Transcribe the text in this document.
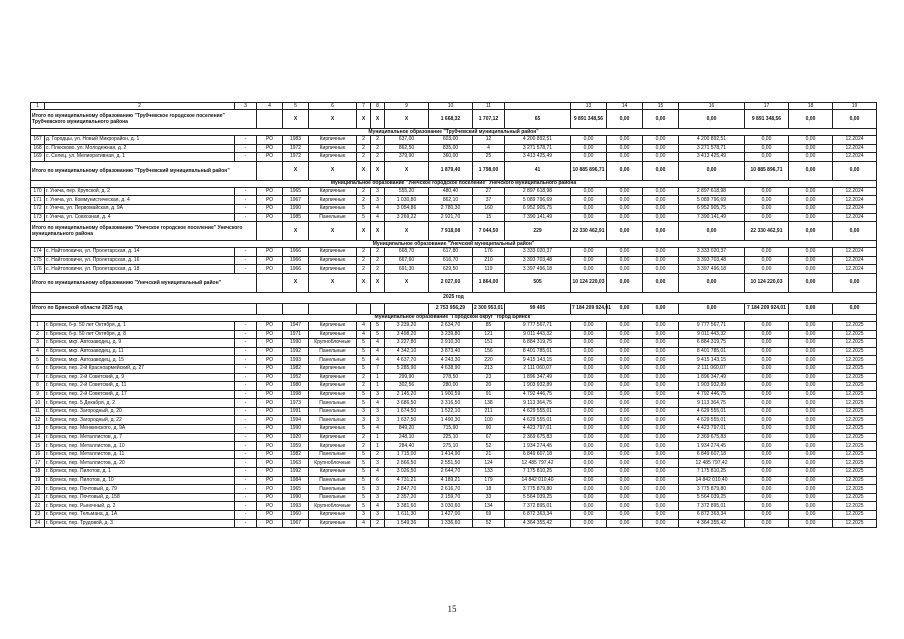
1	2	3	4	5	6	7	8	9	10	11		13	14	15	16	17	18	19	
Итого по муниципальному образованию "Трубчевское городское поселение" Трубчевского муниципального района				X	X	X	X	X	1 668,32	1 707,12	65	9 891 348,56	0,00	0,00	0,00	9 891 348,56	0,00	0,00	
Муниципальное образование "Трубчевский муниципальный район"																			
167	д. Городцы, ул. Новый Микрорайон, д. 1	-	РО	1983	Кирпичные	2	2	637,00	603,00	12	4 200 892,51	0,00	0,00	0,00	4 200 892,51	0,00	0,00	12.2024	
168	с. Плюсково, ул. Молодежная, д. 2	-	РО	1972	Кирпичные	2	2	862,50	835,00	4	3 271 578,71	0,00	0,00	0,00	3 271 578,71	0,00	0,00	12.2024	
169	с. Селец, ул. Мелиоративная, д. 1	-	РО	1972	Кирпичные	2	2	379,90	360,00	25	3 413 425,49	0,00	0,00	0,00	3 413 425,49	0,00	0,00	12.2024	
Итого по муниципальному образованию "Трубчевский муниципальный район"				X	X	X	X	X	1 879,40	1 798,00	41	10 885 896,71	0,00	0,00	0,00	10 885 896,71	0,00	0,00	
Муниципальное образование "Унечское городское поселение" Унечского муниципального района																			
170	г. Унеча, пер. Крупской, д. 2	-	РО	1965	Кирпичные	2	3	555,20	480,40	27	2 897 618,98	0,00	0,00	0,00	2 897 618,98	0,00	0,00	12.2024	
171	г. Унеча, ул. Коммунистическая, д. 4	-	РО	1967	Кирпичные	2	3	1 030,80	862,10	37	5 089 796,69	0,00	0,00	0,00	5 089 796,69	0,00	0,00	12.2024	
172	г. Унеча, ул. Первомайская, д. 9А	-	РО	1990	Кирпичные	5	4	3 054,86	2 780,30	160	6 952 905,75	0,00	0,00	0,00	6 952 905,75	0,00	0,00	12.2024	
173	г. Унеча, ул. Совхозная, д. 4	-	РО	1985	Панельные	5	4	3 269,22	2 921,70	15	7 390 141,49	0,00	0,00	0,00	7 390 141,49	0,00	0,00	12.2024	
Итого по муниципальному образованию "Унечское городское поселение" Унечского муниципального района				X	X	X	X	X	7 918,08	7 044,50	229	22 330 462,91	0,00	0,00	0,00	22 330 462,91	0,00	0,00	
Муниципальное образование "Унечский муниципальный район"																			
174	с. Найтоповичи, ул. Пролетарская, д. 14	-	РО	1966	Кирпичные	2	2	668,70	617,80	176	3 333 020,37	0,00	0,00	0,00	3 333 020,37	0,00	0,00	12.2024	
175	с. Найтоповичи, ул. Пролетарская, д. 16	-	РО	1966	Кирпичные	2	2	667,60	616,70	210	3 393 703,48	0,00	0,00	0,00	3 393 703,48	0,00	0,00	12.2024	
176	с. Найтоповичи, ул. Пролетарская, д. 18	-	РО	1966	Кирпичные	2	2	691,30	629,50	119	3 397 496,18	0,00	0,00	0,00	3 397 496,18	0,00	0,00	12.2024	
Итого по муниципальному образованию "Унечский муниципальный район"				X	X	X	X	X	2 027,60	1 864,00	505	10 124 220,03	0,00	0,00	0,00	10 124 220,03	0,00	0,00	
2025 год																			
Итого по Брянской области 2025 год									2 753 956,29	2 300 953,01	99 405	7 184 209 924,01	0,00	0,00	0,00	7 184 209 924,01	0,00	0,00	
Муниципальное образование "Городской округ "город Брянск"																			
1	г. Брянск, б-р. 50 лет Октября, д. 1	-	РО	1947	Кирпичные	4	5	3 239,20	2 634,70	85	9 777 567,71	0,00	0,00	0,00	9 777 567,71	0,00	0,00	12.2025	
2	г. Брянск, б-р. 50 лет Октября, д. 8	-	РО	1971	Кирпичные	4	5	3 498,20	3 239,80	121	9 011 443,32	0,00	0,00	0,00	9 011 443,32	0,00	0,00	12.2025	
3	г. Брянск, мкр. Автозаводец, д. 9	-	РО	1990	Крупноблочные	5	4	3 227,80	2 910,30	151	6 884 319,75	0,00	0,00	0,00	6 884 319,75	0,00	0,00	12.2025	
4	г. Брянск, мкр. Автозаводец, д. 11	-	РО	1992	Панельные	5	4	4 342,10	3 873,40	156	8 401 785,01	0,00	0,00	0,00	8 401 785,01	0,00	0,00	12.2025	
5	г. Брянск, мкр. Автозаводец, д. 15	-	РО	1993	Панельные	5	4	4 637,70	4 243,30	220	9 415 143,15	0,00	0,00	0,00	9 415 143,15	0,00	0,00	12.2025	
6	г. Брянск, пер. 2-й Красноармейский, д. 27	-	РО	1982	Кирпичные	5	7	5 285,90	4 638,90	213	2 111 060,07	0,00	0,00	0,00	2 111 060,07	0,00	0,00	12.2025	
7	г. Брянск, пер. 2-й Советский, д. 9	-	РО	1952	Кирпичные	2	1	299,90	278,50	23	1 896 347,49	0,00	0,00	0,00	1 896 347,49	0,00	0,00	12.2025	
8	г. Брянск, пер. 2-й Советский, д. 11	-	РО	1980	Кирпичные	2	1	302,56	280,00	20	1 903 932,89	0,00	0,00	0,00	1 903 932,89	0,00	0,00	12.2025	
9	г. Брянск, пер. 2-й Советский, д. 17	-	РО	1998	Кирпичные	5	3	2 145,20	1 900,59	91	4 792 446,75	0,00	0,00	0,00	4 792 446,75	0,00	0,00	12.2025	
10	г. Брянск, пер. 5 Декабря, д. 2	-	РО	1973	Панельные	5	4	3 686,50	3 316,50	138	9 113 364,75	0,00	0,00	0,00	9 113 364,75	0,00	0,00	12.2025	
11	г. Брянск, пер. Загородный, д. 20	-	РО	1991	Панельные	3	3	1 674,50	1 522,10	211	4 629 555,01	0,00	0,00	0,00	4 629 555,01	0,00	0,00	12.2025	
12	г. Брянск, пер. Загородный, д. 22	-	РО	1994	Панельные	3	3	1 637,50	1 490,30	100	4 629 555,01	0,00	0,00	0,00	4 629 555,01	0,00	0,00	12.2025	
13	г. Брянск, пер. Менжинского, д. 9А	-	РО	1990	Кирпичные	5	4	849,20	715,90	90	4 423 797,01	0,00	0,00	0,00	4 423 797,01	0,00	0,00	12.2025	
14	г. Брянск, пер. Металлистов, д. 7	-	РО	1920	Кирпичные	2	1	248,10	225,10	67	2 369 675,83	0,00	0,00	0,00	2 369 675,83	0,00	0,00	12.2025	
15	г. Брянск, пер. Металлистов, д. 10	-	РО	1959	Кирпичные	2	1	284,40	275,10	52	1 934 274,45	0,00	0,00	0,00	1 934 274,45	0,00	0,00	12.2025	
16	г. Брянск, пер. Металлистов, д. 11	-	РО	1982	Панельные	5	2	1 715,00	1 414,90	21	6 849 607,18	0,00	0,00	0,00	6 849 607,18	0,00	0,00	12.2025	
17	г. Брянск, пер. Металлистов, д. 20	-	РО	1963	Крупноблочные	5	3	2 866,50	2 551,50	124	12 485 797,42	0,00	0,00	0,00	12 485 797,42	0,00	0,00	12.2025	
18	г. Брянск, пер. Пилотов, д. 1	-	РО	1992	Кирпичные	5	4	3 026,50	2 644,70	133	7 175 810,25	0,00	0,00	0,00	7 175 810,25	0,00	0,00	12.2025	
19	г. Брянск, пер. Пилотов, д. 10	-	РО	1984	Панельные	5	6	4 731,21	4 189,21	179	14 842 010,40	0,00	0,00	0,00	14 842 010,40	0,00	0,00	12.2025	
20	г. Брянск, пер. Почтовый, д. 79	-	РО	1965	Панельные	5	3	2 847,70	2 616,70	18	3 775 879,80	0,00	0,00	0,00	3 775 879,80	0,00	0,00	12.2025	
21	г. Брянск, пер. Почтовый, д. 158	-	РО	1990	Панельные	5	3	2 357,20	2 159,70	33	5 564 039,25	0,00	0,00	0,00	5 564 039,25	0,00	0,00	12.2025	
22	г. Брянск, пер. Рыночный, д. 2	-	РО	1993	Крупноблочные	5	4	3 381,60	3 030,60	134	7 372 895,01	0,00	0,00	0,00	7 372 895,01	0,00	0,00	12.2025	
23	г. Брянск, пер. Тельмана, д. 1А	-	РО	1960	Кирпичные	3	3	1 611,30	1 427,00	69	6 872 363,34	0,00	0,00	0,00	6 872 363,34	0,00	0,00	12.2025	
24	г. Брянск, пер. Трудовой, д. 3	-	РО	1967	Кирпичные	4	2	1 549,36	1 336,60	52	4 364 355,42	0,00	0,00	0,00	4 364 355,42	0,00	0,00	12.2025	
15
